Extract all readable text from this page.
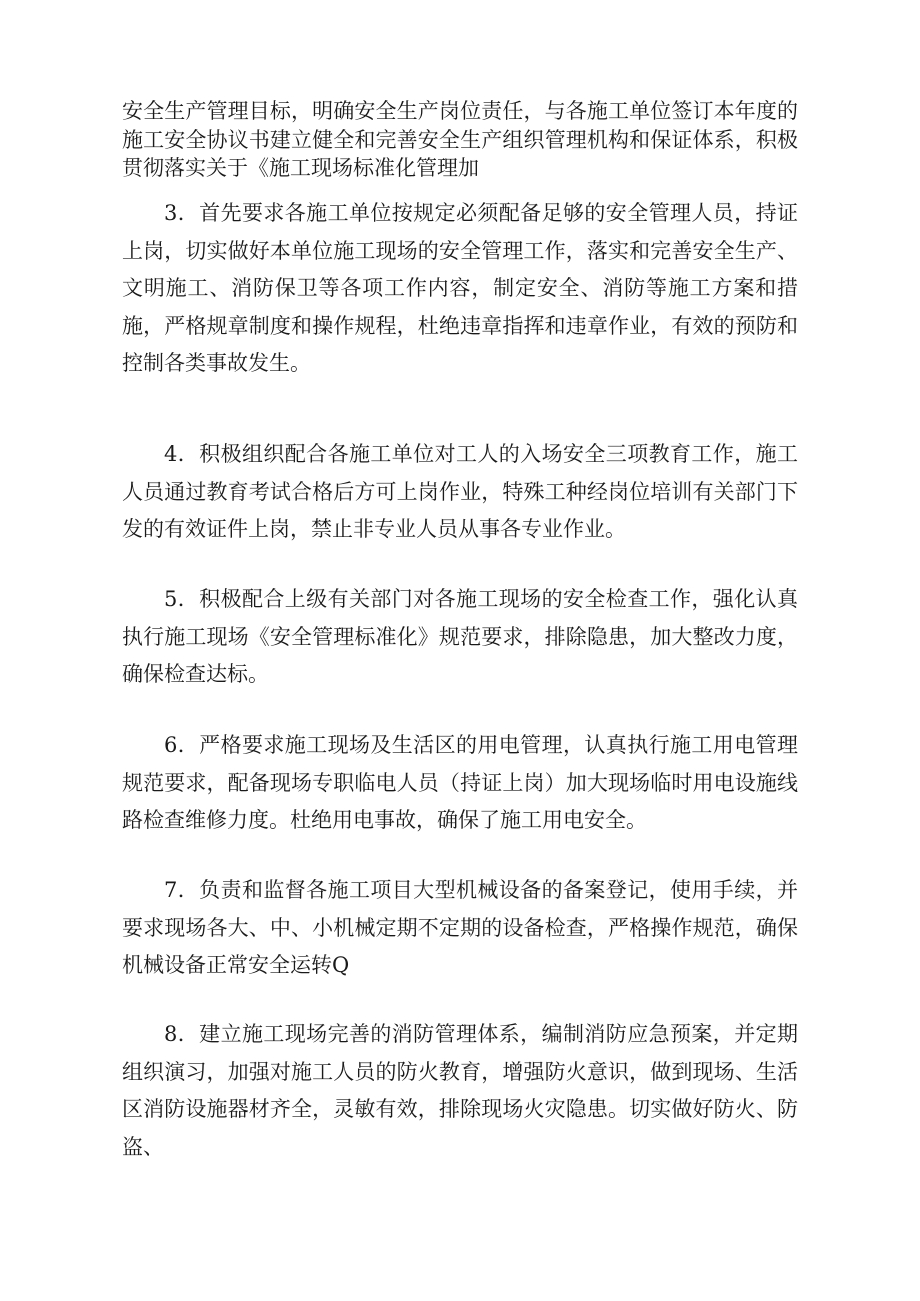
安全生产管理目标，明确安全生产岗位责任，与各施工单位签订本年度的施工安全协议书建立健全和完善安全生产组织管理机构和保证体系，积极贯彻落实关于《施工现场标准化管理加

3．首先要求各施工单位按规定必须配备足够的安全管理人员，持证上岗，切实做好本单位施工现场的安全管理工作，落实和完善安全生产、文明施工、消防保卫等各项工作内容，制定安全、消防等施工方案和措施，严格规章制度和操作规程，杜绝违章指挥和违章作业，有效的预防和控制各类事故发生。

4．积极组织配合各施工单位对工人的入场安全三项教育工作，施工人员通过教育考试合格后方可上岗作业，特殊工种经岗位培训有关部门下发的有效证件上岗，禁止非专业人员从事各专业作业。

5．积极配合上级有关部门对各施工现场的安全检查工作，强化认真执行施工现场《安全管理标准化》规范要求，排除隐患，加大整改力度，确保检查达标。

6．严格要求施工现场及生活区的用电管理，认真执行施工用电管理规范要求，配备现场专职临电人员（持证上岗）加大现场临时用电设施线路检查维修力度。杜绝用电事故，确保了施工用电安全。

7．负责和监督各施工项目大型机械设备的备案登记，使用手续，并要求现场各大、中、小机械定期不定期的设备检查，严格操作规范，确保机械设备正常安全运转Q

8．建立施工现场完善的消防管理体系，编制消防应急预案，并定期组织演习，加强对施工人员的防火教育，增强防火意识，做到现场、生活区消防设施器材齐全，灵敏有效，排除现场火灾隐患。切实做好防火、防盗、
